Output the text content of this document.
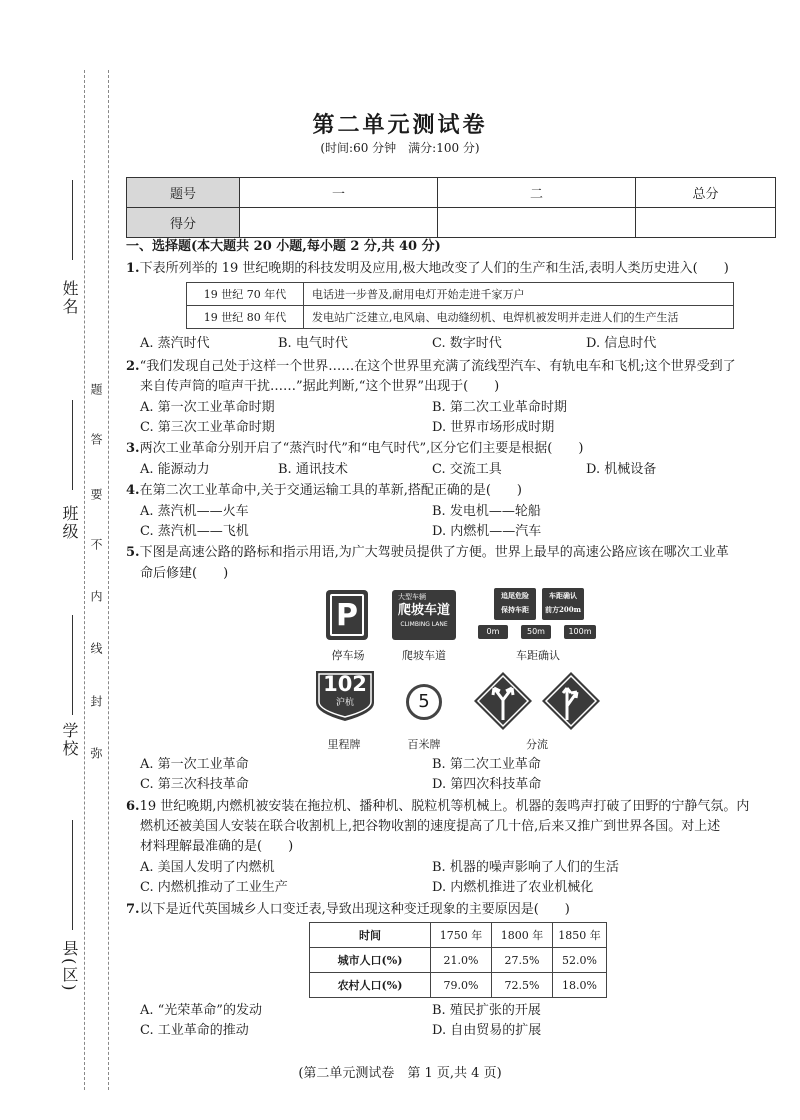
姓名
班级
学校
县(区)
题
答
要
不
内
线
封
弥
第二单元测试卷
(时间:60 分钟　满分:100 分)
题号	一	二	总分
得分			
一、选择题(本大题共 20 小题,每小题 2 分,共 40 分)
1.下表所列举的 19 世纪晚期的科技发明及应用,极大地改变了人们的生产和生活,表明人类历史进入(　　)
19 世纪 70 年代	电话进一步普及,耐用电灯开始走进千家万户
19 世纪 80 年代	发电站广泛建立,电风扇、电动缝纫机、电焊机被发明并走进人们的生产生活
A. 蒸汽时代	B. 电气时代	C. 数字时代	D. 信息时代
2.“我们发现自己处于这样一个世界……在这个世界里充满了流线型汽车、有轨电车和飞机;这个世界受到了
来自传声筒的喧声干扰……”据此判断,“这个世界”出现于(　　)
A. 第一次工业革命时期	B. 第二次工业革命时期
C. 第三次工业革命时期	D. 世界市场形成时期
3.两次工业革命分别开启了“蒸汽时代”和“电气时代”,区分它们主要是根据(　　)
A. 能源动力	B. 通讯技术	C. 交流工具	D. 机械设备
4.在第二次工业革命中,关于交通运输工具的革新,搭配正确的是(　　)
A. 蒸汽机——火车	B. 发电机——轮船
C. 蒸汽机——飞机	D. 内燃机——汽车
5.下图是高速公路的路标和指示用语,为广大驾驶员提供了方便。世界上最早的高速公路应该在哪次工业革
命后修建(　　)
P
大型车辆
爬坡车道
CLIMBING LANE
追尾危险
保持车距
车距确认
前方200m
0m	50m	100m
停车场	爬坡车道	车距确认
102
沪杭	5
里程牌	百米牌	分流
A. 第一次工业革命	B. 第二次工业革命
C. 第三次科技革命	D. 第四次科技革命
6.19 世纪晚期,内燃机被安装在拖拉机、播种机、脱粒机等机械上。机器的轰鸣声打破了田野的宁静气氛。内
燃机还被美国人安装在联合收割机上,把谷物收割的速度提高了几十倍,后来又推广到世界各国。对上述
材料理解最准确的是(　　)
A. 美国人发明了内燃机	B. 机器的噪声影响了人们的生活
C. 内燃机推动了工业生产	D. 内燃机推进了农业机械化
7.以下是近代英国城乡人口变迁表,导致出现这种变迁现象的主要原因是(　　)
时间	1750 年	1800 年	1850 年
城市人口(%)	21.0%	27.5%	52.0%
农村人口(%)	79.0%	72.5%	18.0%
A. “光荣革命”的发动	B. 殖民扩张的开展
C. 工业革命的推动	D. 自由贸易的扩展
(第二单元测试卷　第 1 页,共 4 页)
